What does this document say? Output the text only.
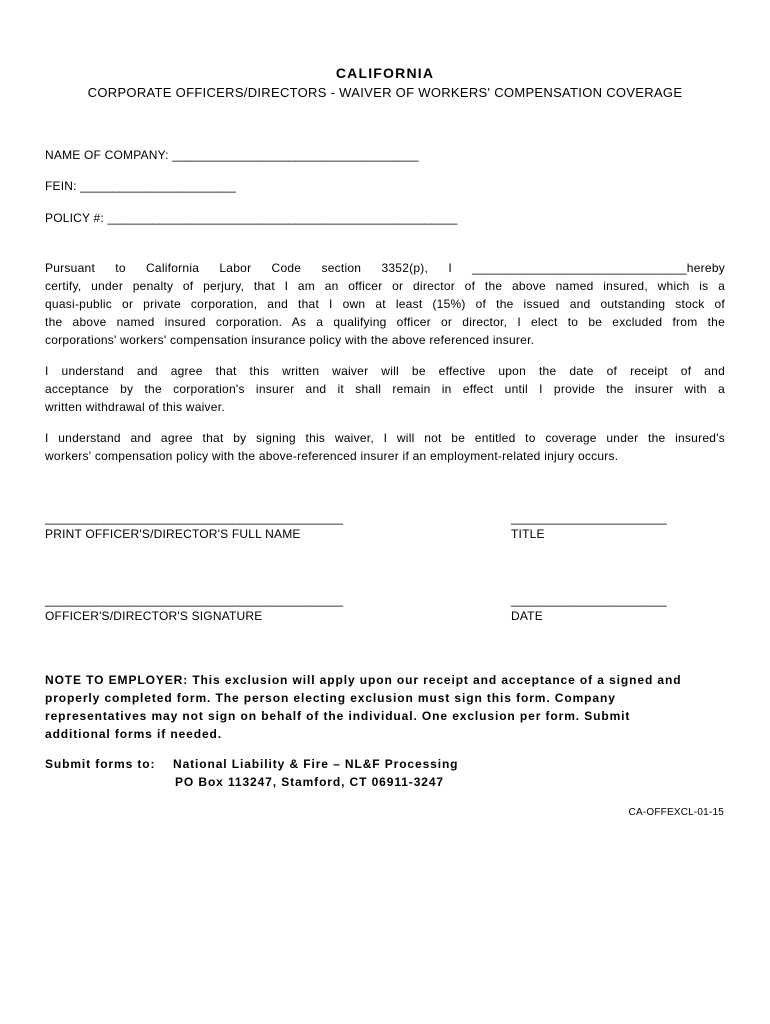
CALIFORNIA
CORPORATE OFFICERS/DIRECTORS - WAIVER OF WORKERS' COMPENSATION COVERAGE
NAME OF COMPANY: ______________________________________
FEIN: ________________________
POLICY #: ______________________________________________________
Pursuant to California Labor Code section 3352(p), I _______________________________hereby
certify, under penalty of perjury, that I am an officer or director of the above named insured, which is a
quasi-public or private corporation, and that I own at least (15%) of the issued and outstanding stock of
the above named insured corporation. As a qualifying officer or director, I elect to be excluded from the
corporations' workers' compensation insurance policy with the above referenced insurer.
I understand and agree that this written waiver will be effective upon the date of receipt of and
acceptance by the corporation's insurer and it shall remain in effect until I provide the insurer with a
written withdrawal of this waiver.
I understand and agree that by signing this waiver, I will not be entitled to coverage under the insured's
workers' compensation policy with the above-referenced insurer if an employment-related injury occurs.
______________________________________________
PRINT OFFICER'S/DIRECTOR'S FULL NAME
________________________
TITLE
______________________________________________
OFFICER'S/DIRECTOR'S SIGNATURE
________________________
DATE
NOTE TO EMPLOYER: This exclusion will apply upon our receipt and acceptance of a signed and
properly completed form. The person electing exclusion must sign this form. Company
representatives may not sign on behalf of the individual. One exclusion per form. Submit
additional forms if needed.
Submit forms to: National Liability & Fire – NL&F Processing
PO Box 113247, Stamford, CT 06911-3247
CA-OFFEXCL-01-15
